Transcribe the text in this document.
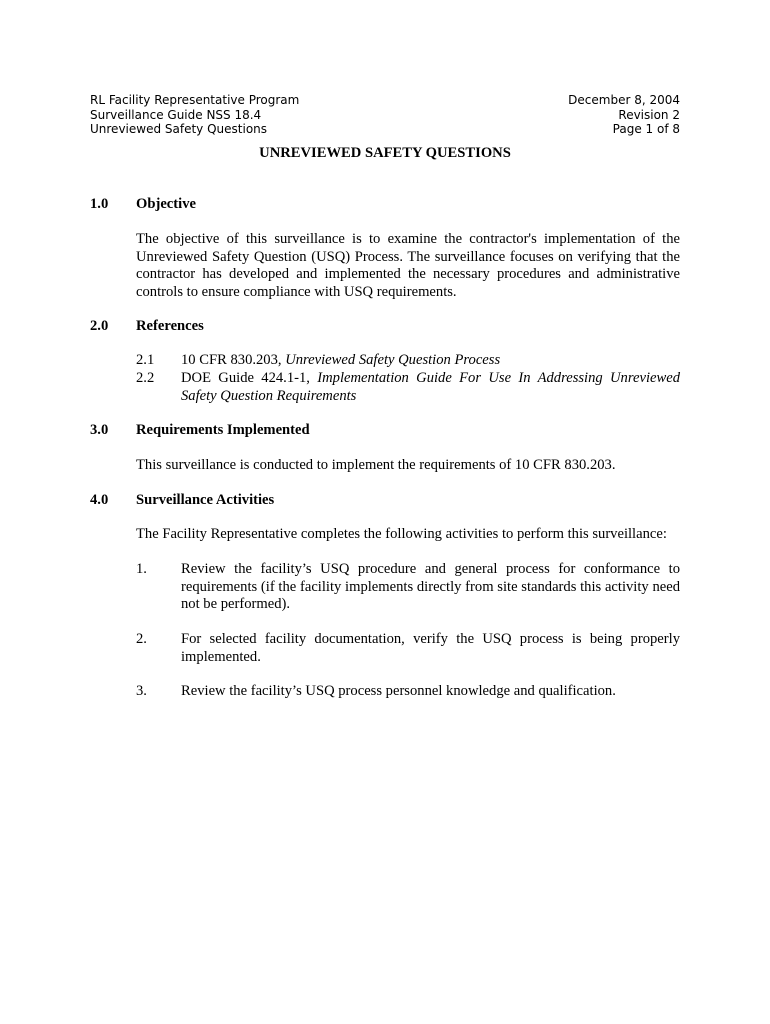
RL Facility Representative Program	December 8, 2004
Surveillance Guide NSS 18.4	Revision 2
Unreviewed Safety Questions	Page 1 of 8
UNREVIEWED SAFETY QUESTIONS
1.0 Objective
The objective of this surveillance is to examine the contractor's implementation of the Unreviewed Safety Question (USQ) Process. The surveillance focuses on verifying that the contractor has developed and implemented the necessary procedures and administrative controls to ensure compliance with USQ requirements.
2.0 References
2.1 10 CFR 830.203, Unreviewed Safety Question Process
2.2 DOE Guide 424.1-1, Implementation Guide For Use In Addressing Unreviewed Safety Question Requirements
3.0 Requirements Implemented
This surveillance is conducted to implement the requirements of 10 CFR 830.203.
4.0 Surveillance Activities
The Facility Representative completes the following activities to perform this surveillance:
1. Review the facility’s USQ procedure and general process for conformance to requirements (if the facility implements directly from site standards this activity need not be performed).
2. For selected facility documentation, verify the USQ process is being properly implemented.
3. Review the facility’s USQ process personnel knowledge and qualification.
